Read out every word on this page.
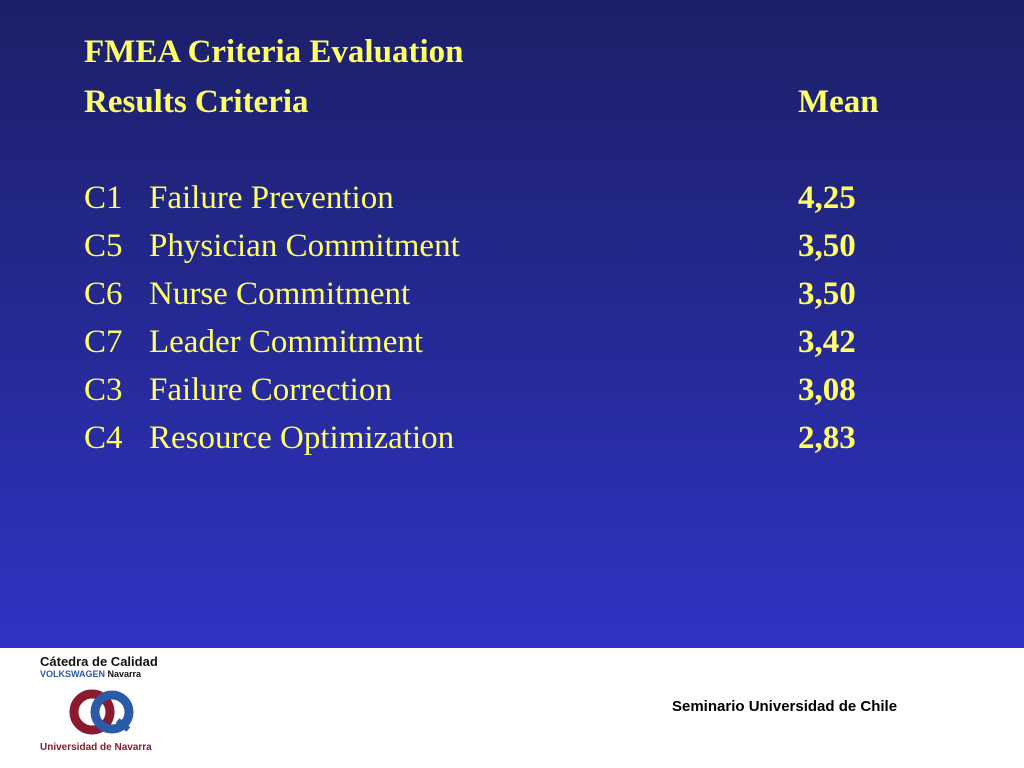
FMEA Criteria Evaluation
Results Criteria	Mean
C1 Failure Prevention	4,25
C5 Physician Commitment	3,50
C6 Nurse Commitment	3,50
C7 Leader Commitment	3,42
C3 Failure Correction	3,08
C4 Resource Optimization	2,83
Cátedra de Calidad
VOLKSWAGEN Navarra
Universidad de Navarra
Seminario Universidad de Chile
